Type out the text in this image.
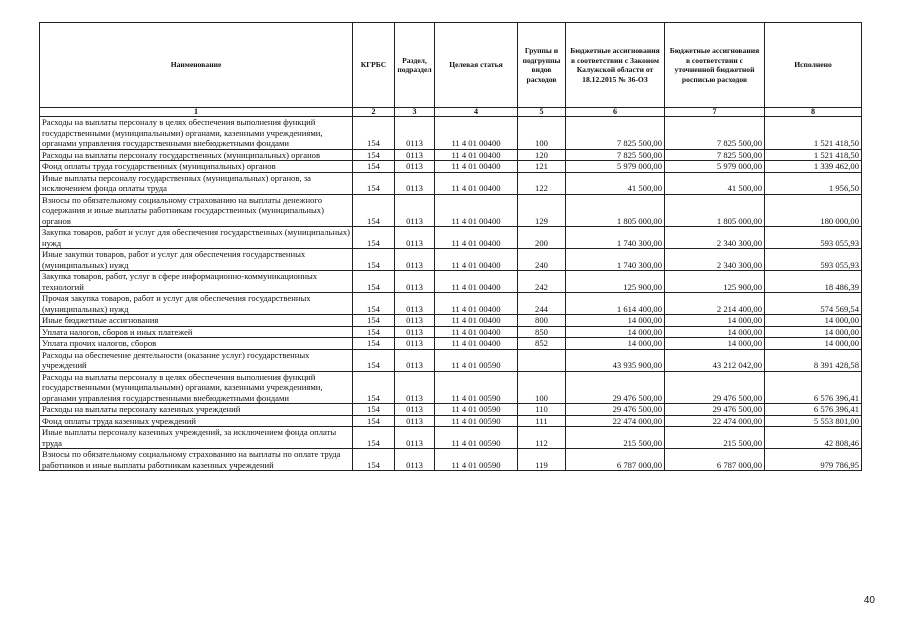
Наименование	КГРБС	Раздел, подраздел	Целевая статья	Группы и подгруппы видов расходов	Бюджетные ассигнования в соответствии с Законом Калужской области от 18.12.2015 № 36-ОЗ	Бюджетные ассигнования в соответствии с уточненной бюджетной росписью расходов	Исполнено
1	2	3	4	5	6	7	8
Расходы на выплаты персоналу в целях обеспечения выполнения функций государственными (муниципальными) органами, казенными учреждениями, органами управления государственными внебюджетными фондами	154	0113	11 4 01 00400	100	7 825 500,00	7 825 500,00	1 521 418,50
Расходы на выплаты персоналу государственных (муниципальных) органов	154	0113	11 4 01 00400	120	7 825 500,00	7 825 500,00	1 521 418,50
Фонд оплаты труда государственных (муниципальных) органов	154	0113	11 4 01 00400	121	5 979 000,00	5 979 000,00	1 339 462,00
Иные выплаты персоналу государственных (муниципальных) органов, за исключением фонда оплаты труда	154	0113	11 4 01 00400	122	41 500,00	41 500,00	1 956,50
Взносы по обязательному социальному страхованию на выплаты денежного содержания и иные выплаты работникам государственных (муниципальных) органов	154	0113	11 4 01 00400	129	1 805 000,00	1 805 000,00	180 000,00
Закупка товаров, работ и услуг для обеспечения государственных (муниципальных) нужд	154	0113	11 4 01 00400	200	1 740 300,00	2 340 300,00	593 055,93
Иные закупки товаров, работ и услуг для обеспечения государственных (муниципальных) нужд	154	0113	11 4 01 00400	240	1 740 300,00	2 340 300,00	593 055,93
Закупка товаров, работ, услуг в сфере информационно-коммуникационных технологий	154	0113	11 4 01 00400	242	125 900,00	125 900,00	18 486,39
Прочая закупка товаров, работ и услуг для обеспечения государственных (муниципальных) нужд	154	0113	11 4 01 00400	244	1 614 400,00	2 214 400,00	574 569,54
Иные бюджетные ассигнования	154	0113	11 4 01 00400	800	14 000,00	14 000,00	14 000,00
Уплата налогов, сборов и иных платежей	154	0113	11 4 01 00400	850	14 000,00	14 000,00	14 000,00
Уплата прочих налогов, сборов	154	0113	11 4 01 00400	852	14 000,00	14 000,00	14 000,00
Расходы на обеспечение деятельности (оказание услуг) государственных учреждений	154	0113	11 4 01 00590		43 935 900,00	43 212 042,00	8 391 428,58
Расходы на выплаты персоналу в целях обеспечения выполнения функций государственными (муниципальными) органами, казенными учреждениями, органами управления государственными внебюджетными фондами	154	0113	11 4 01 00590	100	29 476 500,00	29 476 500,00	6 576 396,41
Расходы на выплаты персоналу казенных учреждений	154	0113	11 4 01 00590	110	29 476 500,00	29 476 500,00	6 576 396,41
Фонд оплаты труда казенных учреждений	154	0113	11 4 01 00590	111	22 474 000,00	22 474 000,00	5 553 801,00
Иные выплаты персоналу казенных учреждений, за исключением фонда оплаты труда	154	0113	11 4 01 00590	112	215 500,00	215 500,00	42 808,46
Взносы по обязательному социальному страхованию на выплаты по оплате труда работников и иные выплаты работникам казенных учреждений	154	0113	11 4 01 00590	119	6 787 000,00	6 787 000,00	979 786,95
40
